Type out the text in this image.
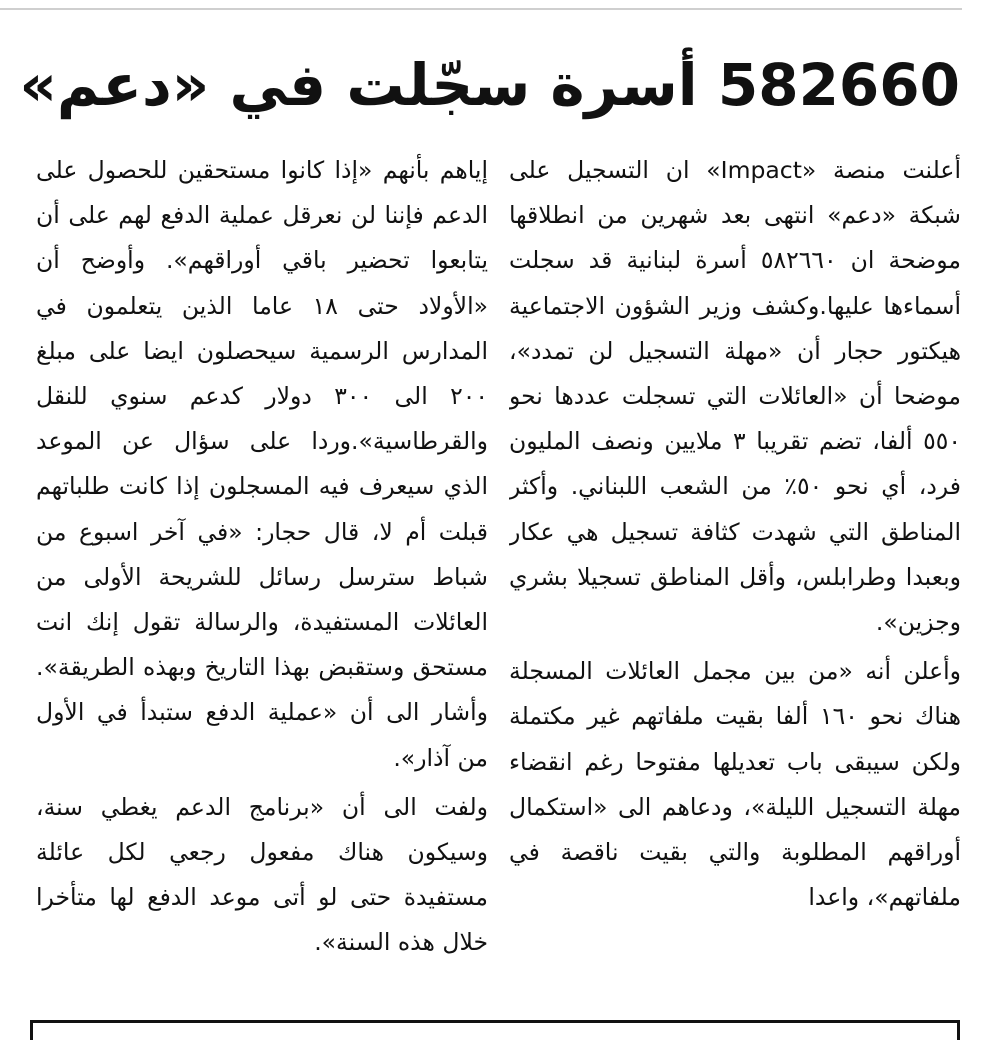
582660 أسرة سجّلت في «دعم»

أعلنت منصة «Impact» ان التسجيل على شبكة «دعم» انتهى بعد شهرين من انطلاقها موضحة ان ٥٨٢٦٦٠ أسرة لبنانية قد سجلت أسماءها عليها.وكشف وزير الشؤون الاجتماعية هيكتور حجار أن «مهلة التسجيل لن تمدد»، موضحا أن «العائلات التي تسجلت عددها نحو ٥٥٠ ألفا، تضم تقريبا ٣ ملايين ونصف المليون فرد، أي نحو ٥٠٪ من الشعب اللبناني. وأكثر المناطق التي شهدت كثافة تسجيل هي عكار وبعبدا وطرابلس، وأقل المناطق تسجيلا بشري وجزين».

وأعلن أنه «من بين مجمل العائلات المسجلة هناك نحو ١٦٠ ألفا بقيت ملفاتهم غير مكتملة ولكن سيبقى باب تعديلها مفتوحا رغم انقضاء مهلة التسجيل الليلة»، ودعاهم الى «استكمال أوراقهم المطلوبة والتي بقيت ناقصة في ملفاتهم»، واعدا

إياهم بأنهم «إذا كانوا مستحقين للحصول على الدعم فإننا لن نعرقل عملية الدفع لهم على أن يتابعوا تحضير باقي أوراقهم». وأوضح أن «الأولاد حتى ١٨ عاما الذين يتعلمون في المدارس الرسمية سيحصلون ايضا على مبلغ ٢٠٠ الى ٣٠٠ دولار كدعم سنوي للنقل والقرطاسية».وردا على سؤال عن الموعد الذي سيعرف فيه المسجلون إذا كانت طلباتهم قبلت أم لا، قال حجار: «في آخر اسبوع من شباط سترسل رسائل للشريحة الأولى من العائلات المستفيدة، والرسالة تقول إنك انت مستحق وستقبض بهذا التاريخ وبهذه الطريقة». وأشار الى أن «عملية الدفع ستبدأ في الأول من آذار».

ولفت الى أن «برنامج الدعم يغطي سنة، وسيكون هناك مفعول رجعي لكل عائلة مستفيدة حتى لو أتى موعد الدفع لها متأخرا خلال هذه السنة».
